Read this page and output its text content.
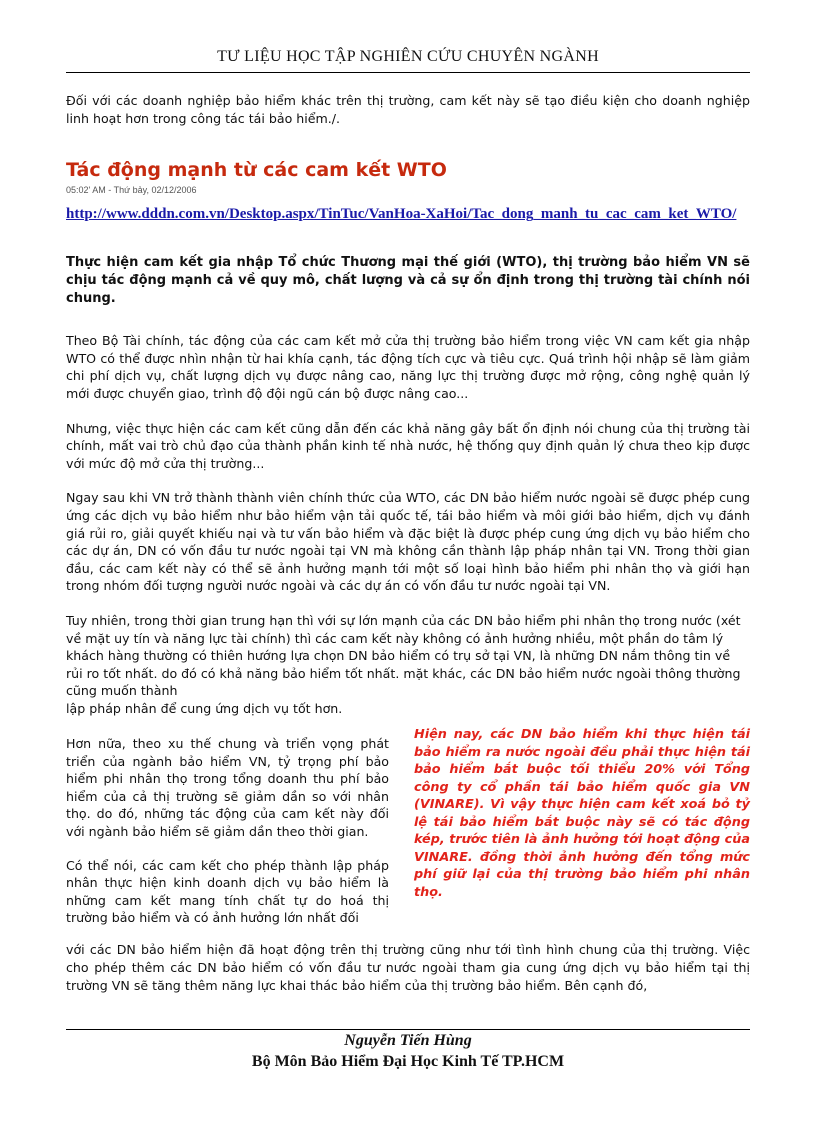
TƯ LIỆU HỌC TẬP NGHIÊN CỨU CHUYÊN NGÀNH

Đối với các doanh nghiệp bảo hiểm khác trên thị trường, cam kết này sẽ tạo điều kiện cho doanh nghiệp linh hoạt hơn trong công tác tái bảo hiểm./.

Tác động mạnh từ các cam kết WTO
05:02' AM - Thứ bảy, 02/12/2006
http://www.dddn.com.vn/Desktop.aspx/TinTuc/VanHoa-XaHoi/Tac_dong_manh_tu_cac_cam_ket_WTO/

Thực hiện cam kết gia nhập Tổ chức Thương mại thế giới (WTO), thị trường bảo hiểm VN sẽ chịu tác động mạnh cả về quy mô, chất lượng và cả sự ổn định trong thị trường tài chính nói chung.

Theo Bộ Tài chính, tác động của các cam kết mở cửa thị trường bảo hiểm trong việc VN cam kết gia nhập WTO có thể được nhìn nhận từ hai khía cạnh, tác động tích cực và tiêu cực. Quá trình hội nhập sẽ làm giảm chi phí dịch vụ, chất lượng dịch vụ được nâng cao, năng lực thị trường được mở rộng, công nghệ quản lý mới được chuyển giao, trình độ đội ngũ cán bộ được nâng cao...

Nhưng, việc thực hiện các cam kết cũng dẫn đến các khả năng gây bất ổn định nói chung của thị trường tài chính, mất vai trò chủ đạo của thành phần kinh tế nhà nước, hệ thống quy định quản lý chưa theo kịp được với mức độ mở cửa thị trường...

Ngay sau khi VN trở thành thành viên chính thức của WTO, các DN bảo hiểm nước ngoài sẽ được phép cung ứng các dịch vụ bảo hiểm như bảo hiểm vận tải quốc tế, tái bảo hiểm và môi giới bảo hiểm, dịch vụ đánh giá rủi ro, giải quyết khiếu nại và tư vấn bảo hiểm và đặc biệt là được phép cung ứng dịch vụ bảo hiểm cho các dự án, DN có vốn đầu tư nước ngoài tại VN mà không cần thành lập pháp nhân tại VN. Trong thời gian đầu, các cam kết này có thể sẽ ảnh hưởng mạnh tới một số loại hình bảo hiểm phi nhân thọ và giới hạn trong nhóm đối tượng người nước ngoài và các dự án có vốn đầu tư nước ngoài tại VN.

Tuy nhiên, trong thời gian trung hạn thì với sự lớn mạnh của các DN bảo hiểm phi nhân thọ trong nước (xét về mặt uy tín và năng lực tài chính) thì các cam kết này không có ảnh hưởng nhiều, một phần do tâm lý khách hàng thường có thiên hướng lựa chọn DN bảo hiểm có trụ sở tại VN, là những DN nắm thông tin về rủi ro tốt nhất. do đó có khả năng bảo hiểm tốt nhất. mặt khác, các DN bảo hiểm nước ngoài thông thường cũng muốn thành

lập pháp nhân để cung ứng dịch vụ tốt hơn.

Hơn nữa, theo xu thế chung và triển vọng phát triển của ngành bảo hiểm VN, tỷ trọng phí bảo hiểm phi nhân thọ trong tổng doanh thu phí bảo hiểm của cả thị trường sẽ giảm dần so với nhân thọ. do đó, những tác động của cam kết này đối với ngành bảo hiểm sẽ giảm dần theo thời gian.

Có thể nói, các cam kết cho phép thành lập pháp nhân thực hiện kinh doanh dịch vụ bảo hiểm là những cam kết mang tính chất tự do hoá thị trường bảo hiểm và có ảnh hưởng lớn nhất đối

Hiện nay, các DN bảo hiểm khi thực hiện tái bảo hiểm ra nước ngoài đều phải thực hiện tái bảo hiểm bắt buộc tối thiểu 20% với Tổng công ty cổ phần tái bảo hiểm quốc gia VN (VINARE). Vì vậy thực hiện cam kết xoá bỏ tỷ lệ tái bảo hiểm bắt buộc này sẽ có tác động kép, trước tiên là ảnh hưởng tới hoạt động của VINARE. đồng thời ảnh hưởng đến tổng mức phí giữ lại của thị trường bảo hiểm phi nhân thọ.

với các DN bảo hiểm hiện đã hoạt động trên thị trường cũng như tới tình hình chung của thị trường. Việc cho phép thêm các DN bảo hiểm có vốn đầu tư nước ngoài tham gia cung ứng dịch vụ bảo hiểm tại thị trường VN sẽ tăng thêm năng lực khai thác bảo hiểm của thị trường bảo hiểm. Bên cạnh đó,

Nguyễn Tiến Hùng
Bộ Môn Bảo Hiểm Đại Học Kinh Tế TP.HCM
